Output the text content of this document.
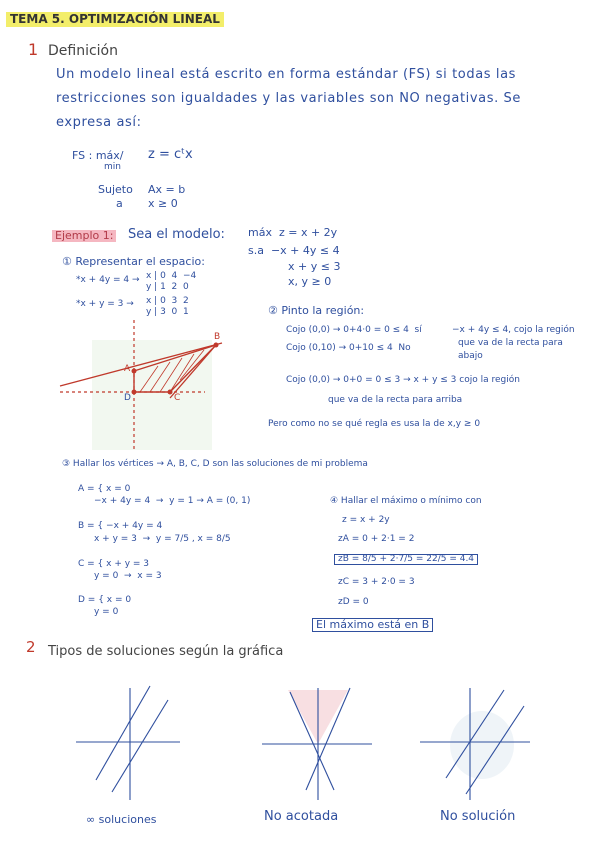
TEMA 5. OPTIMIZACIÓN LINEAL
1 Definición
Un modelo lineal está escrito en forma estándar (FS) si todas las
restricciones son igualdades y las variables son NO negativas. Se
expresa así:
FS : máx/
min
z = cᵗx
Sujeto
a
Ax = b
x ≥ 0
Ejemplo 1: Sea el modelo: máx  z = x + 2y
s.a  −x + 4y ≤ 4
x + y ≤ 3
x, y ≥ 0
① Representar el espacio:
*x + 4y = 4 → x | 0  4  −4
y | 1  2  0
*x + y = 3 → x | 0  3  2
y | 3  0  1
A
B
C
D
② Pinto la región:
Cojo (0,0) → 0+4·0 = 0 ≤ 4  sí
Cojo (0,10) → 0+10 ≤ 4  No
−x + 4y ≤ 4, cojo la región
que va de la recta para
abajo
Cojo (0,0) → 0+0 = 0 ≤ 3 → x + y ≤ 3 cojo la región
que va de la recta para arriba
Pero como no se qué regla es usa la de x,y ≥ 0
③ Hallar los vértices → A, B, C, D son las soluciones de mi problema
A = { x = 0
−x + 4y = 4  →  y = 1 → A = (0, 1)
B = { −x + 4y = 4
x + y = 3  →  y = 7/5 , x = 8/5
C = { x + y = 3
y = 0  →  x = 3
D = { x = 0
y = 0
④ Hallar el máximo o mínimo con
z = x + 2y
zA = 0 + 2·1 = 2
zB = 8/5 + 2·7/5 = 22/5 = 4.4
zC = 3 + 2·0 = 3
zD = 0
El máximo está en B
2 Tipos de soluciones según la gráfica
∞ soluciones	No acotada	No solución
